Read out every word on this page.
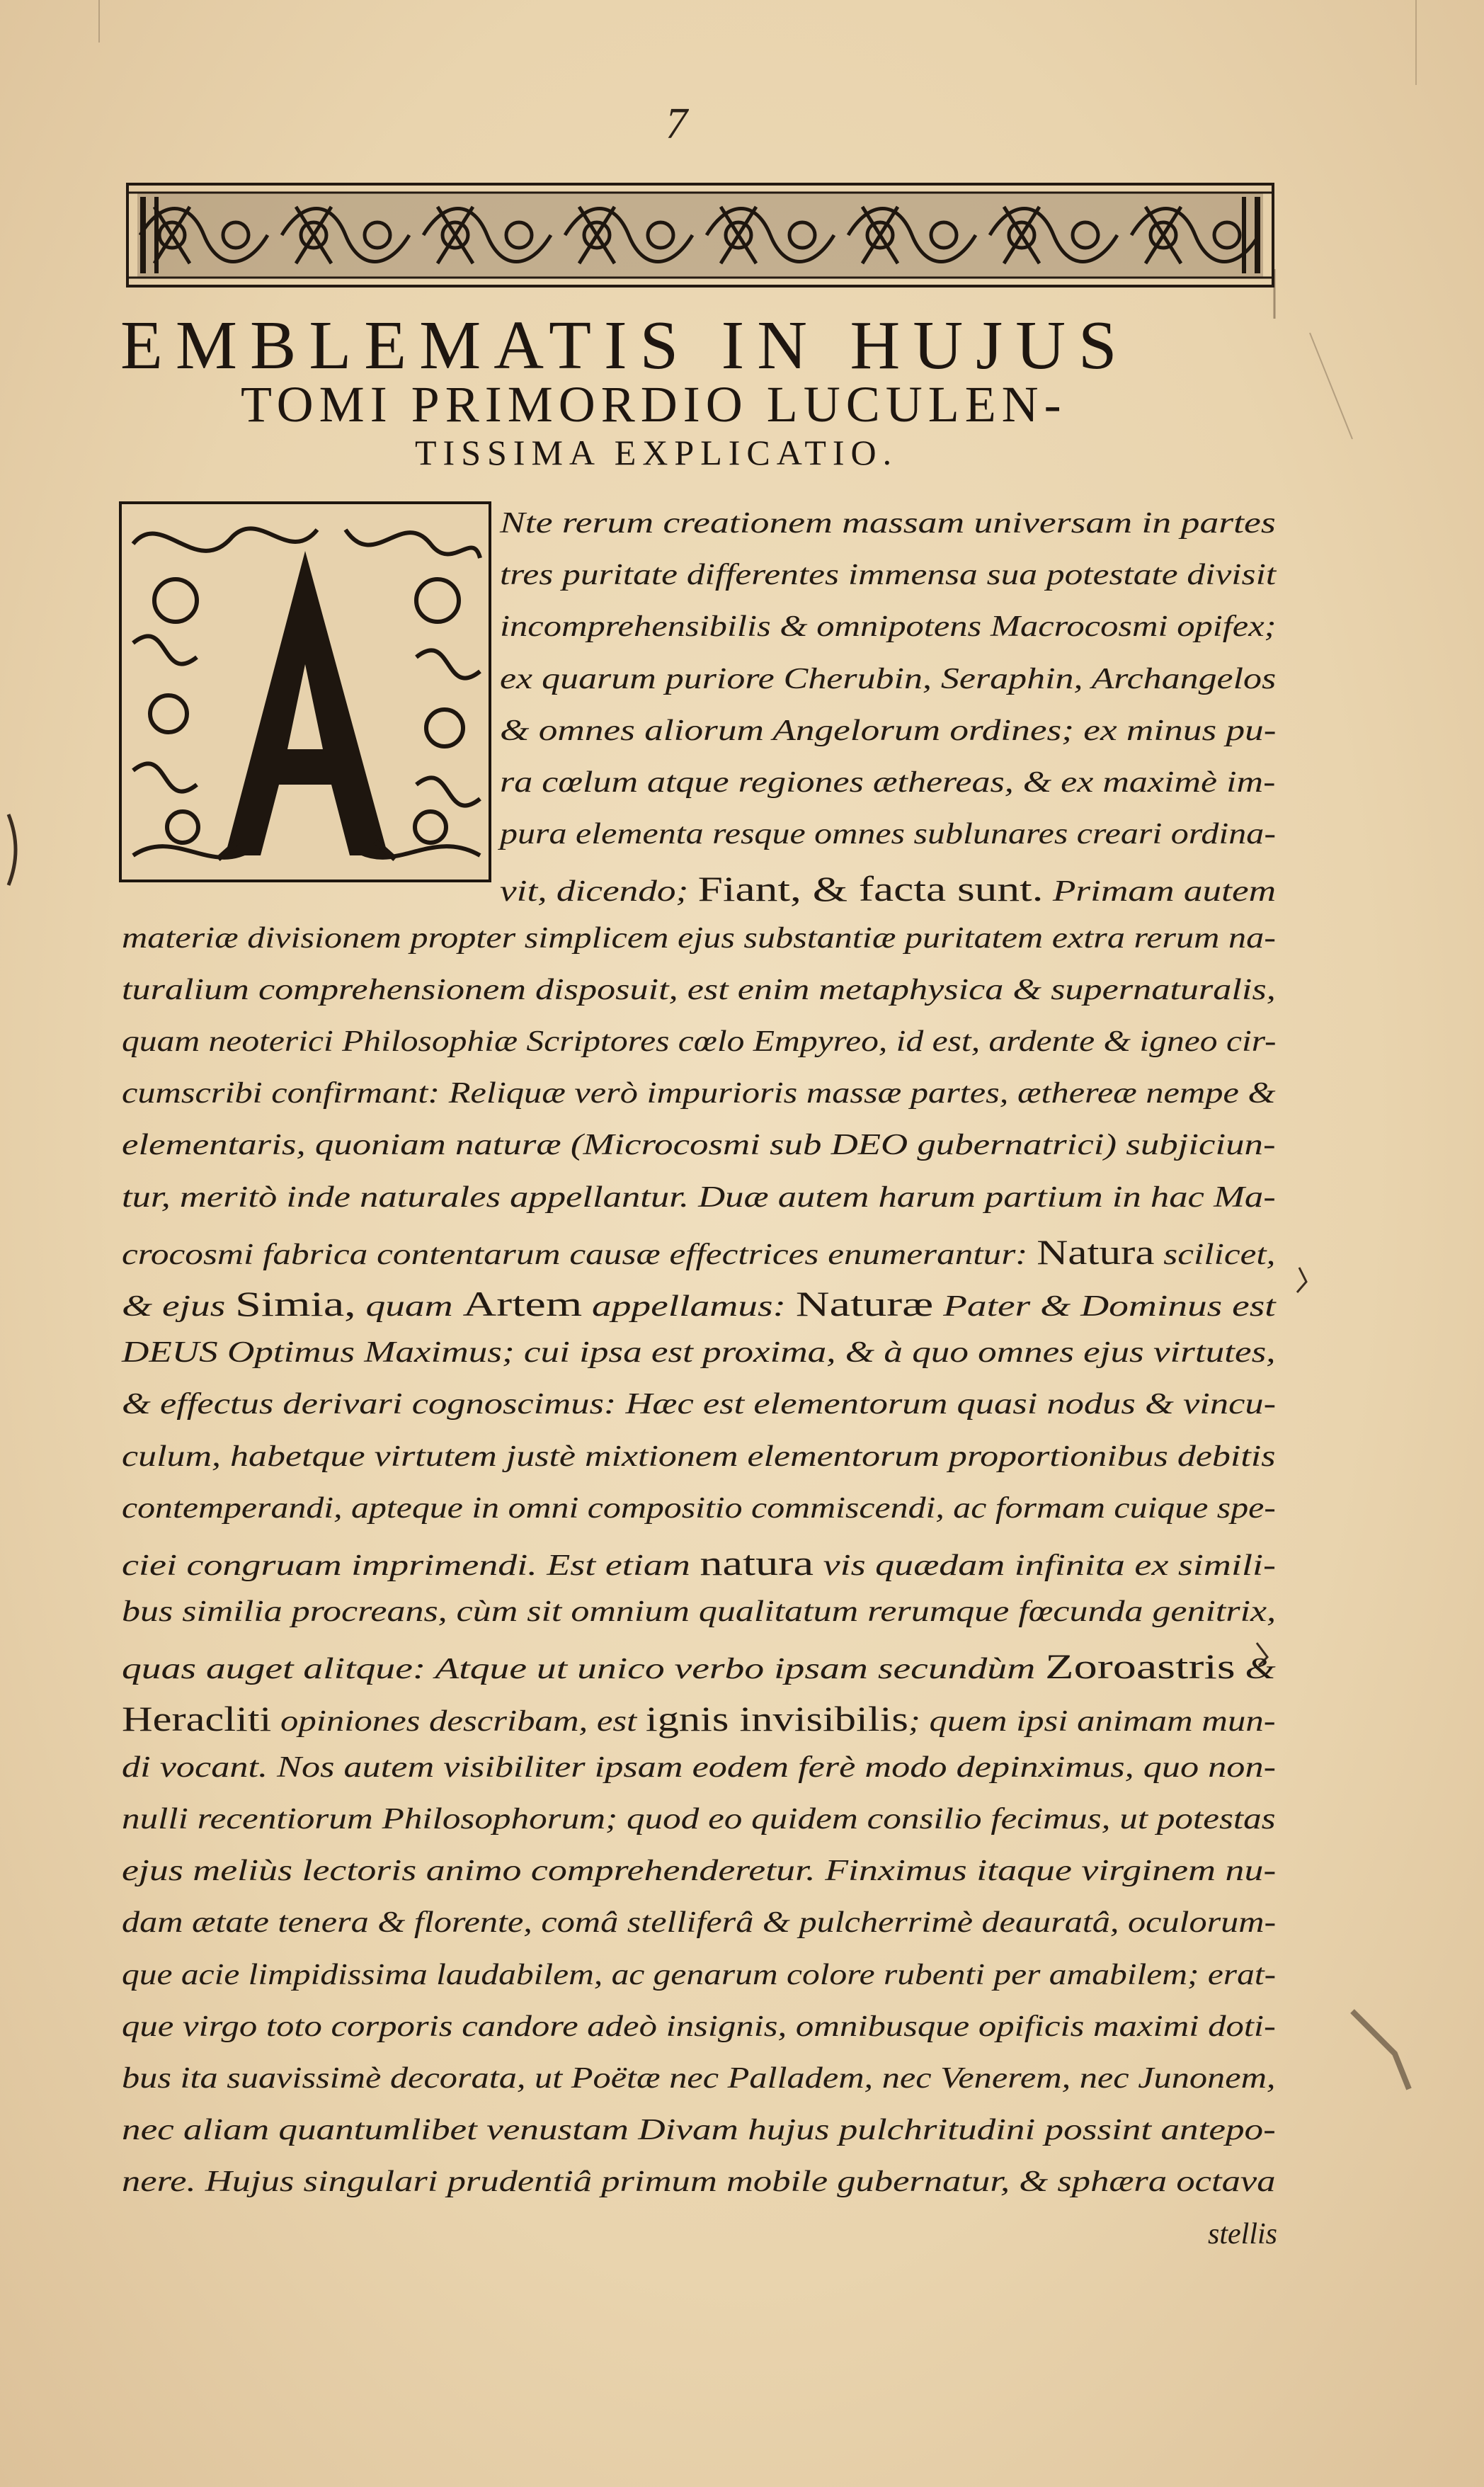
7
EMBLEMATIS IN HUJUS
TOMI PRIMORDIO LUCULEN-
TISSIMA EXPLICATIO.
Nte rerum creationem massam universam in partes
tres puritate differentes immensa sua potestate divisit
incomprehensibilis & omnipotens Macrocosmi opifex;
ex quarum puriore Cherubin, Seraphin, Archangelos
& omnes aliorum Angelorum ordines; ex minus pu-
ra cœlum atque regiones æthereas, & ex maximè im-
pura elementa resque omnes sublunares creari ordina-
vit, dicendo; Fiant, & facta sunt. Primam autem
materiæ divisionem propter simplicem ejus substantiæ puritatem extra rerum na-
turalium comprehensionem disposuit, est enim metaphysica & supernaturalis,
quam neoterici Philosophiæ Scriptores cœlo Empyreo, id est, ardente & igneo cir-
cumscribi confirmant: Reliquæ verò impurioris massæ partes, æthereæ nempe &
elementaris, quoniam naturæ (Microcosmi sub DEO gubernatrici) subjiciun-
tur, meritò inde naturales appellantur. Duæ autem harum partium in hac Ma-
crocosmi fabrica contentarum causæ effectrices enumerantur: Natura scilicet,
& ejus Simia, quam Artem appellamus: Naturæ Pater & Dominus est
DEUS Optimus Maximus; cui ipsa est proxima, & à quo omnes ejus virtutes,
& effectus derivari cognoscimus: Hæc est elementorum quasi nodus & vincu-
culum, habetque virtutem justè mixtionem elementorum proportionibus debitis
contemperandi, apteque in omni compositio commiscendi, ac formam cuique spe-
ciei congruam imprimendi. Est etiam natura vis quædam infinita ex simili-
bus similia procreans, cùm sit omnium qualitatum rerumque fœcunda genitrix,
quas auget alitque: Atque ut unico verbo ipsam secundùm Zoroastris &
Heracliti opiniones describam, est ignis invisibilis; quem ipsi animam mun-
di vocant. Nos autem visibiliter ipsam eodem ferè modo depinximus, quo non-
nulli recentiorum Philosophorum; quod eo quidem consilio fecimus, ut potestas
ejus meliùs lectoris animo comprehenderetur. Finximus itaque virginem nu-
dam ætate tenera & florente, comâ stelliferâ & pulcherrimè deauratâ, oculorum-
que acie limpidissima laudabilem, ac genarum colore rubenti per amabilem; erat-
que virgo toto corporis candore adeò insignis, omnibusque opificis maximi doti-
bus ita suavissimè decorata, ut Poëtæ nec Palladem, nec Venerem, nec Junonem,
nec aliam quantumlibet venustam Divam hujus pulchritudini possint antepo-
nere. Hujus singulari prudentiâ primum mobile gubernatur, & sphæra octava
stellis
